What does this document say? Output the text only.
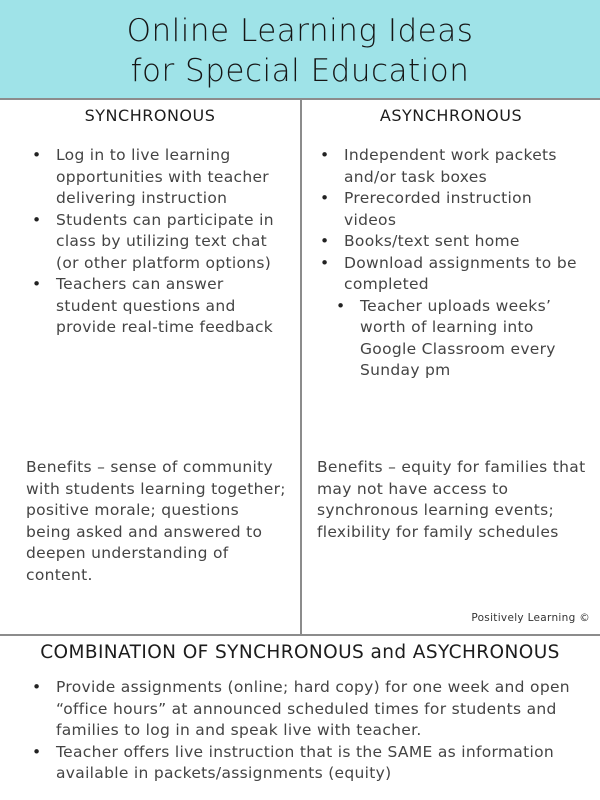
Online Learning Ideas
for Special Education
SYNCHRONOUS	ASYNCHRONOUS
• Log in to live learning opportunities with teacher delivering instruction
• Students can participate in class by utilizing text chat (or other platform options)
• Teachers can answer student questions and provide real-time feedback
• Independent work packets and/or task boxes
• Prerecorded instruction videos
• Books/text sent home
• Download assignments to be completed
• Teacher uploads weeks’ worth of learning into Google Classroom every Sunday pm
Benefits – sense of community with students learning together; positive morale; questions being asked and answered to deepen understanding of content.
Benefits – equity for families that may not have access to synchronous learning events; flexibility for family schedules
Positively Learning ©
COMBINATION OF SYNCHRONOUS and ASYCHRONOUS
• Provide assignments (online; hard copy) for one week and open “office hours” at announced scheduled times for students and families to log in and speak live with teacher.
• Teacher offers live instruction that is the SAME as information available in packets/assignments (equity)
